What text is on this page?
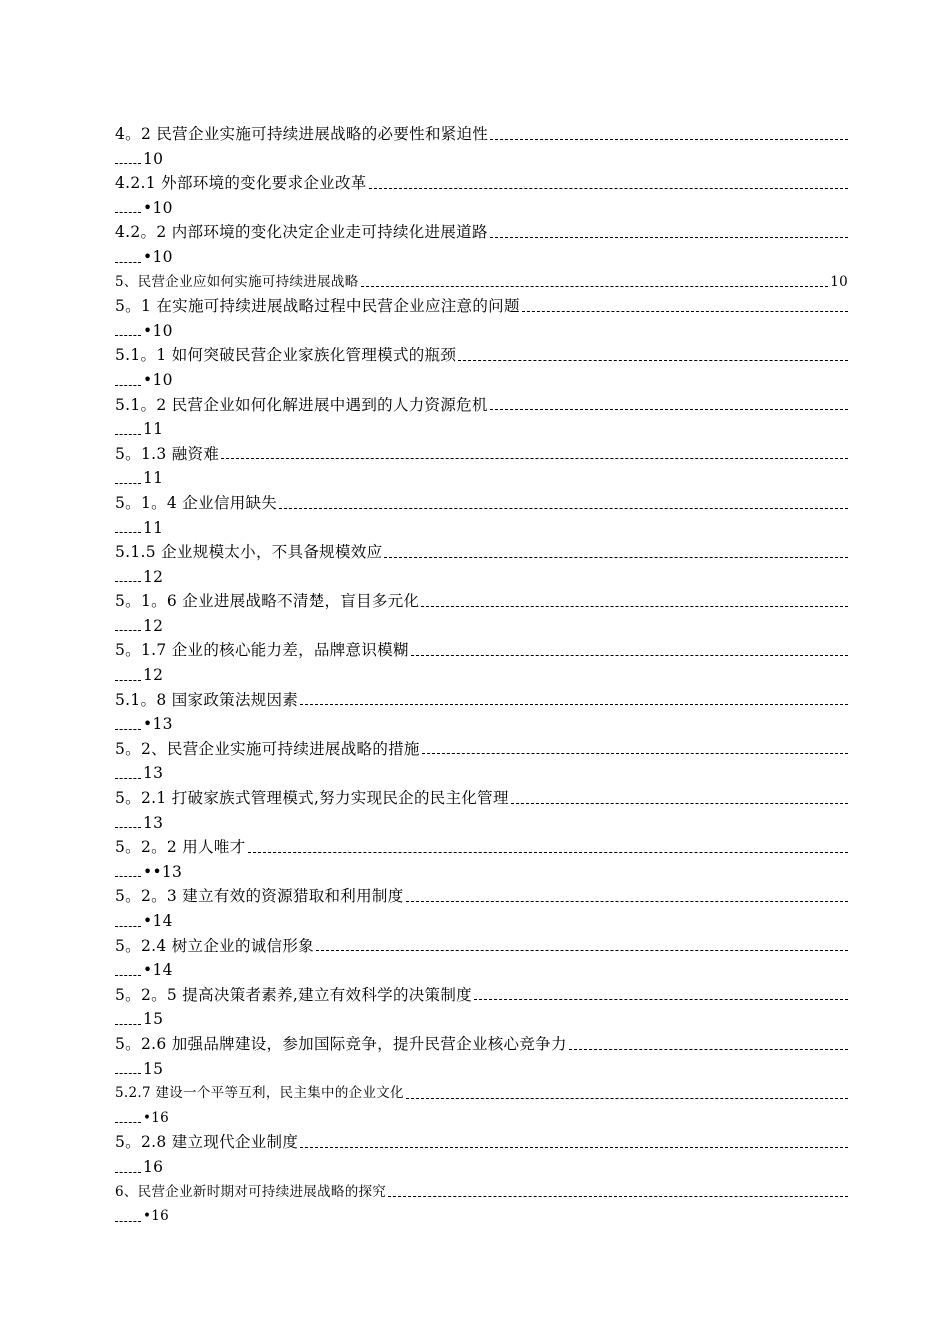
4。2 民营企业实施可持续进展战略的必要性和紧迫性
10
4.2.1 外部环境的变化要求企业改革
•10
4.2。2 内部环境的变化决定企业走可持续化进展道路
•10
5、民营企业应如何实施可持续进展战略	10
5。1 在实施可持续进展战略过程中民营企业应注意的问题
•10
5.1。1 如何突破民营企业家族化管理模式的瓶颈
•10
5.1。2 民营企业如何化解进展中遇到的人力资源危机
11
5。1.3 融资难
11
5。1。4 企业信用缺失
11
5.1.5 企业规模太小，不具备规模效应
12
5。1。6 企业进展战略不清楚，盲目多元化
12
5。1.7 企业的核心能力差，品牌意识模糊
12
5.1。8 国家政策法规因素
•13
5。2、民营企业实施可持续进展战略的措施
13
5。2.1 打破家族式管理模式,努力实现民企的民主化管理
13
5。2。2 用人唯才
••13
5。2。3 建立有效的资源猎取和利用制度
•14
5。2.4 树立企业的诚信形象
•14
5。2。5 提高决策者素养,建立有效科学的决策制度
15
5。2.6 加强品牌建设，参加国际竞争，提升民营企业核心竞争力
15
5.2.7 建设一个平等互利，民主集中的企业文化
•16
5。2.8 建立现代企业制度
16
6、民营企业新时期对可持续进展战略的探究
•16
